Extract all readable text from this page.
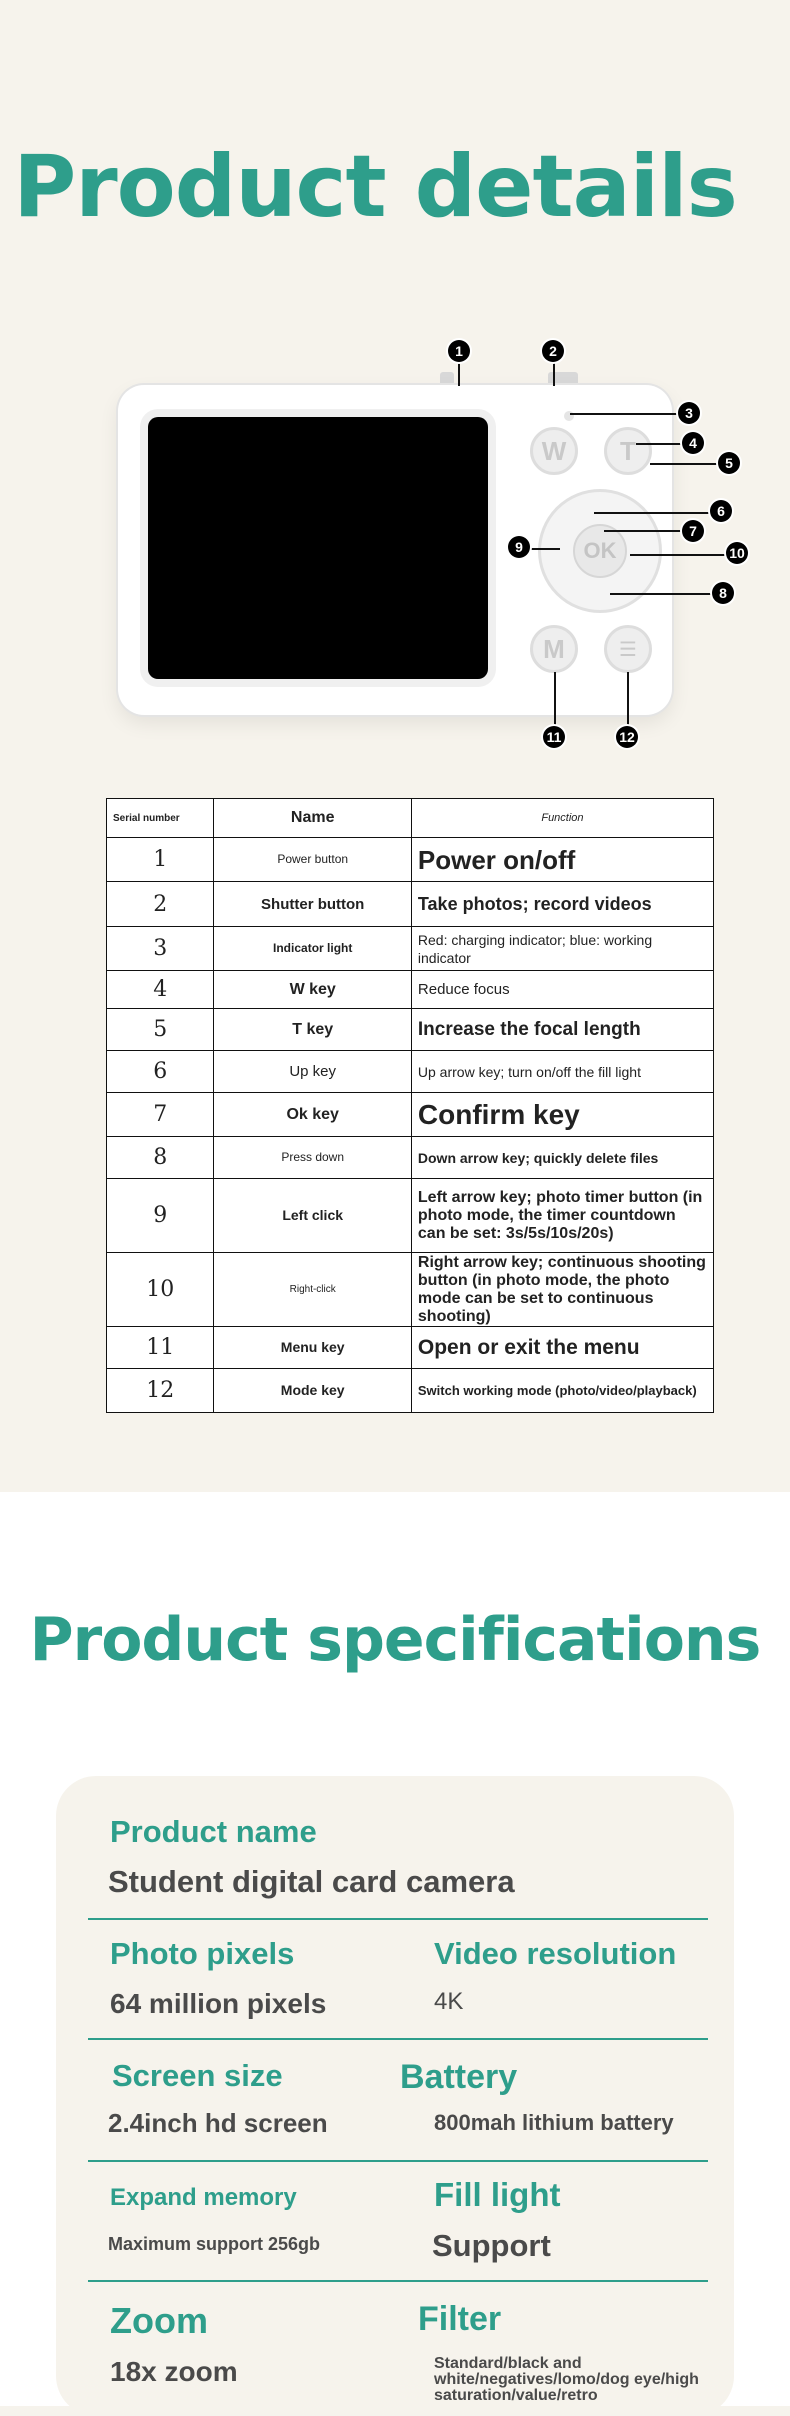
Product details
W T
OK
M	☰
1	2
3
4
5
6
7
10
8
9
11	12
Serial number	Name	Function
1	Power button	Power on/off
2	Shutter button	Take photos; record videos
3	Indicator light	Red: charging indicator; blue: working indicator
4	W key	Reduce focus
5	T key	Increase the focal length
6	Up key	Up arrow key; turn on/off the fill light
7	Ok key	Confirm key
8	Press down	Down arrow key; quickly delete files
9	Left click	Left arrow key; photo timer button (in photo mode, the timer countdown can be set: 3s/5s/10s/20s)
10	Right-click	Right arrow key; continuous shooting button (in photo mode, the photo mode can be set to continuous shooting)
11	Menu key	Open or exit the menu
12	Mode key	Switch working mode (photo/video/playback)
Product specifications
Product name
Student digital card camera
Photo pixels
64 million pixels
Video resolution
4K
Screen size
2.4inch hd screen
Battery
800mah lithium battery
Expand memory
Maximum support 256gb
Fill light
Support
Zoom
18x zoom
Filter
Standard/black and white/negatives/lomo/dog eye/high saturation/value/retro
